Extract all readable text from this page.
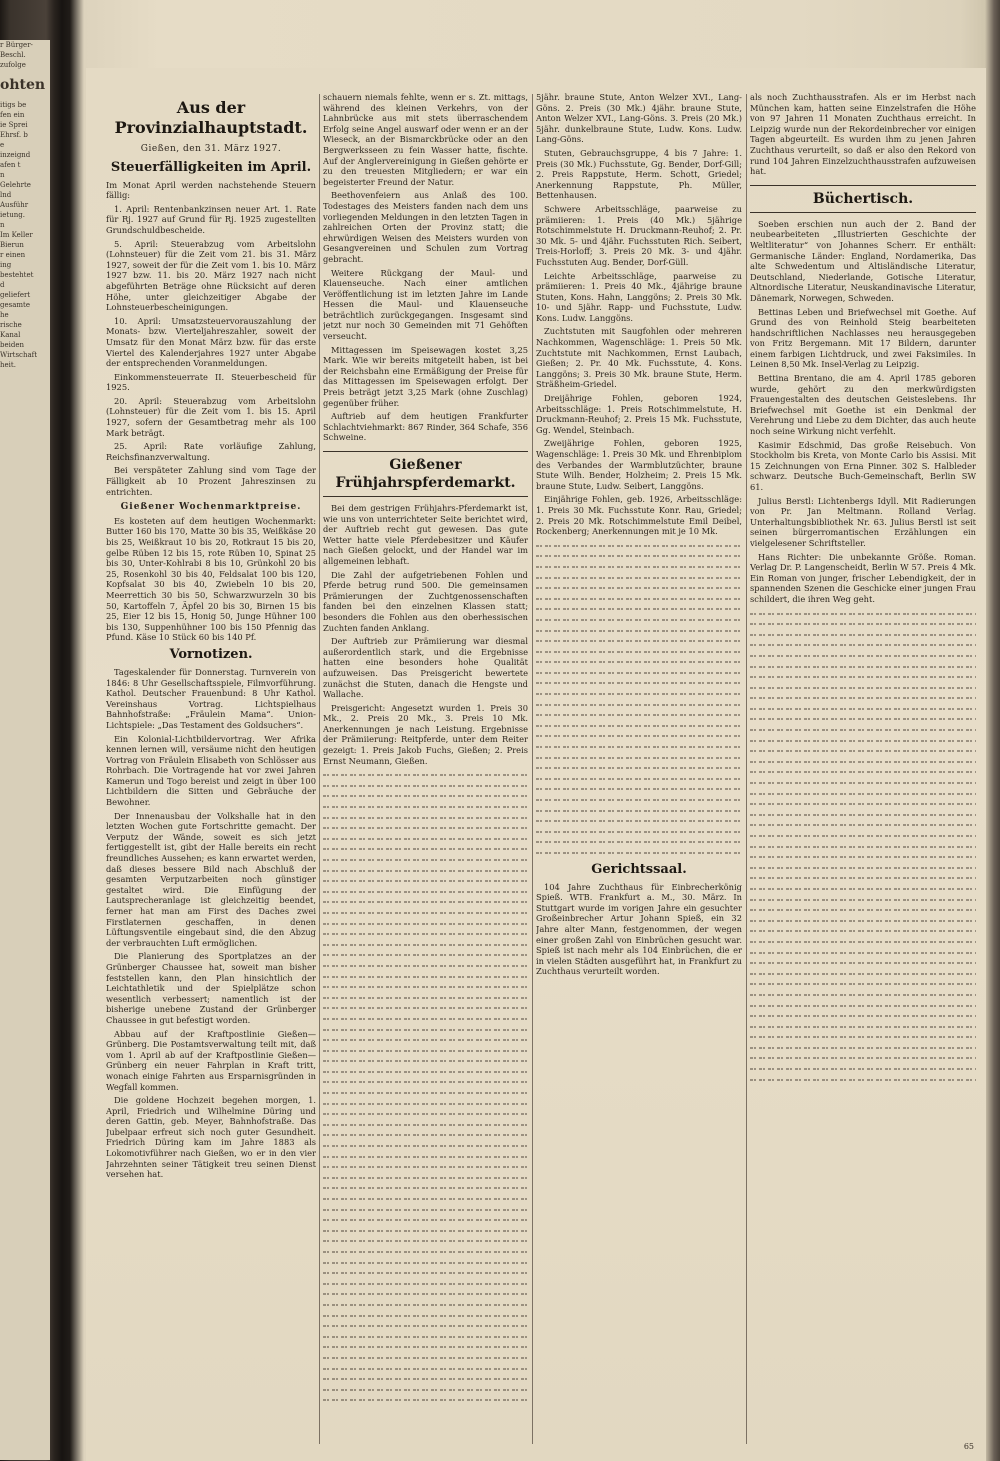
r Bürger-
Beschl.
zufolge
ohten
itigs be
fen ein
ie Sprei
Ehrsf. b
e
inzeignd
afen t
n
Gelehrte
lnd
Ausführ
ietung.
n
Im Keller
Bierun
r einen
ing
bestehtet
d
geliefert
gesamte
he
rische
Kanal
beiden
Wirtschaft
heit.
Aus der Provinzialhauptstadt.
Gießen, den 31. März 1927.
Steuerfälligkeiten im April.

Im Monat April werden nachstehende Steuern fällig:

1. April: Rentenbankzinsen neuer Art. 1. Rate für Rj. 1927 auf Grund für Rj. 1925 zugestellten Grundschuldbescheide.

5. April: Steuerabzug vom Arbeitslohn (Lohnsteuer) für die Zeit vom 21. bis 31. März 1927, soweit der für die Zeit vom 1. bis 10. März 1927 bzw. 11. bis 20. März 1927 nach nicht abgeführten Beträge ohne Rücksicht auf deren Höhe, unter gleichzeitiger Abgabe der Lohnsteuerbescheinigungen.

10. April: Umsatzsteuervorauszahlung der Monats- bzw. Vierteljahreszahler, soweit der Umsatz für den Monat März bzw. für das erste Viertel des Kalenderjahres 1927 unter Abgabe der entsprechenden Voranmeldungen.

Einkommensteuerrate II. Steuerbescheid für 1925.

20. April: Steuerabzug vom Arbeitslohn (Lohnsteuer) für die Zeit vom 1. bis 15. April 1927, sofern der Gesamtbetrag mehr als 100 Mark beträgt.

25. April: Rate vorläufige Zahlung, Reichsfinanzverwaltung.

Bei verspäteter Zahlung sind vom Tage der Fälligkeit ab 10 Prozent Jahreszinsen zu entrichten.

Gießener Wochenmarktpreise.

Es kosteten auf dem heutigen Wochenmarkt: Butter 160 bis 170, Matte 30 bis 35, Weißkäse 20 bis 25, Weißkraut 10 bis 20, Rotkraut 15 bis 20, gelbe Rüben 12 bis 15, rote Rüben 10, Spinat 25 bis 30, Unter-Kohlrabi 8 bis 10, Grünkohl 20 bis 25, Rosenkohl 30 bis 40, Feldsalat 100 bis 120, Kopfsalat 30 bis 40, Zwiebeln 10 bis 20, Meerrettich 30 bis 50, Schwarzwurzeln 30 bis 50, Kartoffeln 7, Äpfel 20 bis 30, Birnen 15 bis 25, Eier 12 bis 15, Honig 50, Junge Hühner 100 bis 130, Suppenhühner 100 bis 150 Pfennig das Pfund. Käse 10 Stück 60 bis 140 Pf.

Vornotizen.

Tageskalender für Donnerstag. Turnverein von 1846: 8 Uhr Gesellschaftsspiele, Filmvorführung. Kathol. Deutscher Frauenbund: 8 Uhr Kathol. Vereinshaus Vortrag. Lichtspielhaus Bahnhofstraße: „Fräulein Mama“. Union-Lichtspiele: „Das Testament des Goldsuchers“.

Ein Kolonial-Lichtbildervortrag. Wer Afrika kennen lernen will, versäume nicht den heutigen Vortrag von Fräulein Elisabeth von Schlösser aus Rohrbach. Die Vortragende hat vor zwei Jahren Kamerun und Togo bereist und zeigt in über 100 Lichtbildern die Sitten und Gebräuche der Bewohner.

Der Innenausbau der Volkshalle hat in den letzten Wochen gute Fortschritte gemacht. Der Verputz der Wände, soweit es sich jetzt fertiggestellt ist, gibt der Halle bereits ein recht freundliches Aussehen; es kann erwartet werden, daß dieses bessere Bild nach Abschluß der gesamten Verputzarbeiten noch günstiger gestaltet wird. Die Einfügung der Lautsprecheranlage ist gleichzeitig beendet, ferner hat man am First des Daches zwei Firstlaternen geschaffen, in denen Lüftungsventile eingebaut sind, die den Abzug der verbrauchten Luft ermöglichen.

Die Planierung des Sportplatzes an der Grünberger Chaussee hat, soweit man bisher feststellen kann, den Plan hinsichtlich der Leichtathletik und der Spielplätze schon wesentlich verbessert; namentlich ist der bisherige unebene Zustand der Grünberger Chaussee in gut befestigt worden.

Abbau auf der Kraftpostlinie Gießen—Grünberg. Die Postamtsverwaltung teilt mit, daß vom 1. April ab auf der Kraftpostlinie Gießen—Grünberg ein neuer Fahrplan in Kraft tritt, wonach einige Fahrten aus Ersparnisgründen in Wegfall kommen.

Die goldene Hochzeit begehen morgen, 1. April, Friedrich und Wilhelmine Düring und deren Gattin, geb. Meyer, Bahnhofstraße. Das Jubelpaar erfreut sich noch guter Gesundheit. Friedrich Düring kam im Jahre 1883 als Lokomotivführer nach Gießen, wo er in den vier Jahrzehnten seiner Tätigkeit treu seinen Dienst versehen hat.

schauern niemals fehlte, wenn er s. Zt. mittags, während des kleinen Verkehrs, von der Lahnbrücke aus mit stets überraschendem Erfolg seine Angel auswarf oder wenn er an der Wieseck, an der Bismarckbrücke oder an den Bergwerksseen zu fein Wasser hatte, fischte. Auf der Anglervereinigung in Gießen gehörte er zu den treuesten Mitgliedern; er war ein begeisterter Freund der Natur.

Beethovenfeiern aus Anlaß des 100. Todestages des Meisters fanden nach dem uns vorliegenden Meldungen in den letzten Tagen in zahlreichen Orten der Provinz statt; die ehrwürdigen Weisen des Meisters wurden von Gesangvereinen und Schulen zum Vortrag gebracht.

Weitere Rückgang der Maul- und Klauenseuche. Nach einer amtlichen Veröffentlichung ist im letzten Jahre im Lande Hessen die Maul- und Klauenseuche beträchtlich zurückgegangen. Insgesamt sind jetzt nur noch 30 Gemeinden mit 71 Gehöften verseucht.

Mittagessen im Speisewagen kostet 3,25 Mark. Wie wir bereits mitgeteilt haben, ist bei der Reichsbahn eine Ermäßigung der Preise für das Mittagessen im Speisewagen erfolgt. Der Preis beträgt jetzt 3,25 Mark (ohne Zuschlag) gegenüber früher.

Auftrieb auf dem heutigen Frankfurter Schlachtviehmarkt: 867 Rinder, 364 Schafe, 356 Schweine.

Gießener Frühjahrspferdemarkt.

Bei dem gestrigen Frühjahrs-Pferdemarkt ist, wie uns von unterrichteter Seite berichtet wird, der Auftrieb recht gut gewesen. Das gute Wetter hatte viele Pferdebesitzer und Käufer nach Gießen gelockt, und der Handel war im allgemeinen lebhaft.

Die Zahl der aufgetriebenen Fohlen und Pferde betrug rund 500. Die gemeinsamen Prämierungen der Zuchtgenossenschaften fanden bei den einzelnen Klassen statt; besonders die Fohlen aus den oberhessischen Zuchten fanden Anklang.

Der Auftrieb zur Prämiierung war diesmal außerordentlich stark, und die Ergebnisse hatten eine besonders hohe Qualität aufzuweisen. Das Preisgericht bewertete zunächst die Stuten, danach die Hengste und Wallache.

Preisgericht: Angesetzt wurden 1. Preis 30 Mk., 2. Preis 20 Mk., 3. Preis 10 Mk. Anerkennungen je nach Leistung. Ergebnisse der Prämiierung: Reitpferde, unter dem Reiter gezeigt: 1. Preis Jakob Fuchs, Gießen; 2. Preis Ernst Neumann, Gießen.

5jähr. braune Stute, Anton Welzer XVI., Lang-Göns. 2. Preis (30 Mk.) 4jähr. braune Stute, Anton Welzer XVI., Lang-Göns. 3. Preis (20 Mk.) 5jähr. dunkelbraune Stute, Ludw. Kons. Ludw. Lang-Göns.

Stuten, Gebrauchsgruppe, 4 bis 7 Jahre: 1. Preis (30 Mk.) Fuchsstute, Gg. Bender, Dorf-Gill; 2. Preis Rappstute, Herm. Schott, Griedel; Anerkennung Rappstute, Ph. Müller, Bettenhausen.

Schwere Arbeitsschläge, paarweise zu prämiieren: 1. Preis (40 Mk.) 5jährige Rotschimmelstute H. Druckmann-Reuhof; 2. Pr. 30 Mk. 5- und 4jähr. Fuchsstuten Rich. Seibert, Treis-Horloff; 3. Preis 20 Mk. 3- und 4jähr. Fuchsstuten Aug. Bender, Dorf-Güll.

Leichte Arbeitsschläge, paarweise zu prämiieren: 1. Preis 40 Mk., 4jährige braune Stuten, Kons. Hahn, Langgöns; 2. Preis 30 Mk. 10- und 5jähr. Rapp- und Fuchsstute, Ludw. Kons. Ludw. Langgöns.

Zuchtstuten mit Saugfohlen oder mehreren Nachkommen, Wagenschläge: 1. Preis 50 Mk. Zuchtstute mit Nachkommen, Ernst Laubach, Gießen; 2. Pr. 40 Mk. Fuchsstute, 4. Kons. Langgöns; 3. Preis 30 Mk. braune Stute, Herm. Sträßheim-Griedel.

Dreijährige Fohlen, geboren 1924, Arbeitsschläge: 1. Preis Rotschimmelstute, H. Druckmann-Reuhof; 2. Preis 15 Mk. Fuchsstute, Gg. Wendel, Steinbach.

Zweijährige Fohlen, geboren 1925, Wagenschläge: 1. Preis 30 Mk. und Ehrenbiplom des Verbandes der Warmblutzüchter, braune Stute Wilh. Bender, Holzheim; 2. Preis 15 Mk. braune Stute, Ludw. Seibert, Langgöns.

Einjährige Fohlen, geb. 1926, Arbeitsschläge: 1. Preis 30 Mk. Fuchsstute Konr. Rau, Griedel; 2. Preis 20 Mk. Rotschimmelstute Emil Deibel, Rockenberg; Anerkennungen mit je 10 Mk.

Gerichtssaal.

104 Jahre Zuchthaus für Einbrecherkönig Spieß. WTB. Frankfurt a. M., 30. März. In Stuttgart wurde im vorigen Jahre ein gesuchter Großeinbrecher Artur Johann Spieß, ein 32 Jahre alter Mann, festgenommen, der wegen einer großen Zahl von Einbrüchen gesucht war. Spieß ist nach mehr als 104 Einbrüchen, die er in vielen Städten ausgeführt hat, in Frankfurt zu Zuchthaus verurteilt worden.

als noch Zuchthausstrafen. Als er im Herbst nach München kam, hatten seine Einzelstrafen die Höhe von 97 Jahren 11 Monaten Zuchthaus erreicht. In Leipzig wurde nun der Rekordeinbrecher vor einigen Tagen abgeurteilt. Es wurden ihm zu jenen Jahren Zuchthaus verurteilt, so daß er also den Rekord von rund 104 Jahren Einzelzuchthausstrafen aufzuweisen hat.

Büchertisch.

Soeben erschien nun auch der 2. Band der neubearbeiteten „Illustrierten Geschichte der Weltliteratur“ von Johannes Scherr. Er enthält: Germanische Länder: England, Nordamerika, Das alte Schwedentum und Altisländische Literatur, Deutschland, Niederlande, Gotische Literatur, Altnordische Literatur, Neuskandinavische Literatur, Dänemark, Norwegen, Schweden.

Bettinas Leben und Briefwechsel mit Goethe. Auf Grund des von Reinhold Steig bearbeiteten handschriftlichen Nachlasses neu herausgegeben von Fritz Bergemann. Mit 17 Bildern, darunter einem farbigen Lichtdruck, und zwei Faksimiles. In Leinen 8,50 Mk. Insel-Verlag zu Leipzig.

Bettina Brentano, die am 4. April 1785 geboren wurde, gehört zu den merkwürdigsten Frauengestalten des deutschen Geisteslebens. Ihr Briefwechsel mit Goethe ist ein Denkmal der Verehrung und Liebe zu dem Dichter, das auch heute noch seine Wirkung nicht verfehlt.

Kasimir Edschmid, Das große Reisebuch. Von Stockholm bis Kreta, von Monte Carlo bis Assisi. Mit 15 Zeichnungen von Erna Pinner. 302 S. Halbleder schwarz. Deutsche Buch-Gemeinschaft, Berlin SW 61.

Julius Berstl: Lichtenbergs Idyll. Mit Radierungen von Pr. Jan Meltmann. Rolland Verlag. Unterhaltungsbibliothek Nr. 63. Julius Berstl ist seit seinen bürgerromantischen Erzählungen ein vielgelesener Schriftsteller.

Hans Richter: Die unbekannte Größe. Roman. Verlag Dr. P. Langenscheidt, Berlin W 57. Preis 4 Mk. Ein Roman von junger, frischer Lebendigkeit, der in spannenden Szenen die Geschicke einer jungen Frau schildert, die ihren Weg geht.

65
